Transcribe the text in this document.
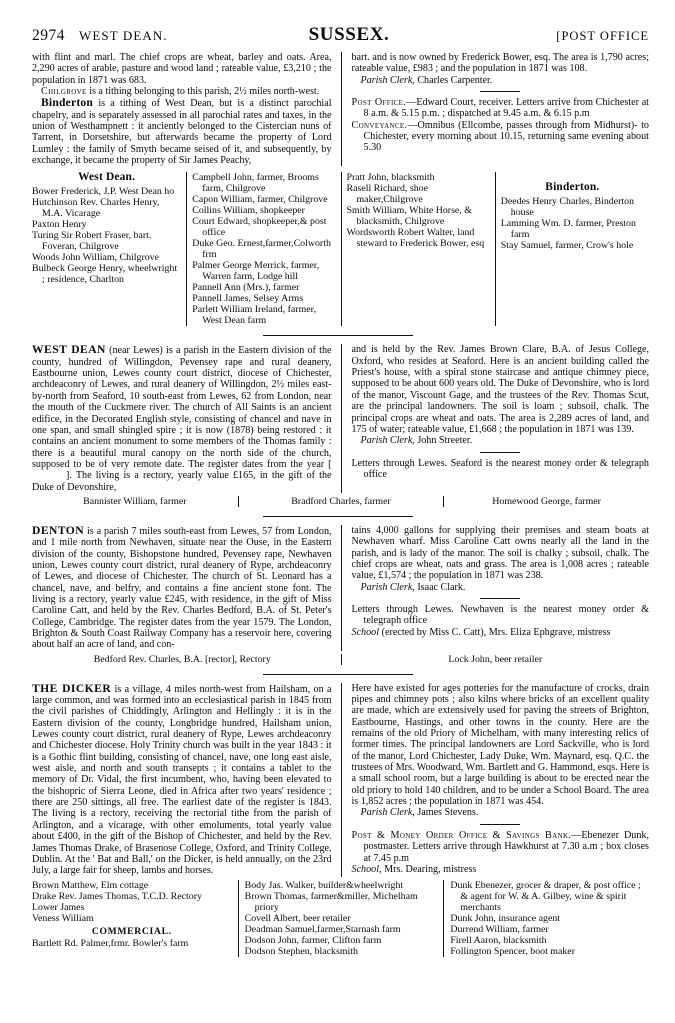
2974 WEST DEAN.	SUSSEX.	[POST OFFICE

with flint and marl. The chief crops are wheat, barley and oats. Area, 2,290 acres of arable, pasture and wood land ; rateable value, £3,210 ; the population in 1871 was 683.

Chilgrove is a tithing belonging to this parish, 2½ miles north-west.

Binderton is a tithing of West Dean, but is a distinct parochial chapelry, and is separately assessed in all parochial rates and taxes, in the union of Westhampnett : it anciently belonged to the Cistercian nuns of Tarrent, in Dorsetshire, but afterwards became the property of Lord Lumley : the family of Smyth became seised of it, and subsequently, by exchange, it became the property of Sir James Peachy,

bart. and is now owned by Frederick Bower, esq. The area is 1,790 acres; rateable value, £983 ; and the population in 1871 was 108.

Parish Clerk, Charles Carpenter.

Post Office.—Edward Court, receiver. Letters arrive from Chichester at 8 a.m. & 5.15 p.m. ; dispatched at 9.45 a.m. & 6.15 p.m

Conveyance.—Omnibus (Ellcombe, passes through from Midhurst)- to Chichester, every morning about 10.15, returning same evening about 5.30

West Dean.

Bower Frederick, J.P. West Dean ho

Hutchinson Rev. Charles Henry, M.A. Vicarage

Paxton Henry

Turing Sir Robert Fraser, bart. Foveran, Chilgrove

Woods John William, Chilgrove

Bulbeck George Henry, wheelwright ; residence, Charlton

Campbell John, farmer, Brooms farm, Chilgrove

Capon William, farmer, Chilgrove

Collins William, shopkeeper

Court Edward, shopkeeper,& post office

Duke Geo. Ernest,farmer,Colworth frm

Palmer George Merrick, farmer, Warren farm, Lodge hill

Pannell Ann (Mrs.), farmer

Pannell James, Selsey Arms

Parlett William Ireland, farmer, West Dean farm

Pratt John, blacksmith

Rasell Richard, shoe maker,Chilgrove

Smith William, White Horse, & blacksmith, Chilgrove

Wordsworth Robert Walter, land steward to Frederick Bower, esq

Binderton.

Deedes Henry Charles, Binderton house

Lamming Wm. D. farmer, Preston farm

Stay Samuel, farmer, Crow's hole

WEST DEAN (near Lewes) is a parish in the Eastern division of the county, hundred of Willingdon, Pevensey rape and rural deanery, Eastbourne union, Lewes county court district, diocese of Chichester, archdeaconry of Lewes, and rural deanery of Willingdon, 2½ miles east-by-north from Seaford, 10 south-east from Lewes, 62 from London, near the mouth of the Cuckmere river. The church of All Saints is an ancient edifice, in the Decorated English style, consisting of chancel and nave in one span, and small shingled spire ; it is now (1878) being restored : it contains an ancient monument to some members of the Thomas family : there is a beautiful mural canopy on the north side of the church, supposed to be of very remote date. The register dates from the year []. The living is a rectory, yearly value £165, in the gift of the Duke of Devonshire,

and is held by the Rev. James Brown Clare, B.A. of Jesus College, Oxford, who resides at Seaford. Here is an ancient building called the Priest's house, with a spiral stone staircase and antique chimney piece, supposed to be about 600 years old. The Duke of Devonshire, who is lord of the manor, Viscount Gage, and the trustees of the Rev. Thomas Scut, are the principal landowners. The soil is loam ; subsoil, chalk. The principal crops are wheat and oats. The area is 2,289 acres of land, and 175 of water; rateable value, £1,668 ; the population in 1871 was 139.

Parish Clerk, John Streeter.

Letters through Lewes. Seaford is the nearest money order & telegraph office

Bannister William, farmer	Bradford Charles, farmer	Homewood George, farmer

DENTON is a parish 7 miles south-east from Lewes, 57 from London, and 1 mile north from Newhaven, situate near the Ouse, in the Eastern division of the county, Bishopstone hundred, Pevensey rape, Newhaven union, Lewes county court district, rural deanery of Rype, archdeaconry of Lewes, and diocese of Chichester. The church of St. Leonard has a chancel, nave, and belfry, and contains a fine ancient stone font. The living is a rectory, yearly value £245, with residence, in the gift of Miss Caroline Catt, and held by the Rev. Charles Bedford, B.A. of St. Peter's College, Cambridge. The register dates from the year 1579. The London, Brighton & South Coast Railway Company has a reservoir here, covering about half an acre of land, and con-

tains 4,000 gallons for supplying their premises and steam boats at Newhaven wharf. Miss Caroline Catt owns nearly all the land in the parish, and is lady of the manor. The soil is chalky ; subsoil, chalk. The chief crops are wheat, oats and grass. The area is 1,008 acres ; rateable value, £1,574 ; the population in 1871 was 238.

Parish Clerk, Isaac Clark.

Letters through Lewes. Newhaven is the nearest money order & telegraph office

School (erected by Miss C. Catt), Mrs. Eliza Ephgrave, mistress

Bedford Rev. Charles, B.A. [rector], Rectory	Lock John, beer retailer

THE DICKER is a village, 4 miles north-west from Hailsham, on a large common, and was formed into an ecclesiastical parish in 1845 from the civil parishes of Chiddingly, Arlington and Hellingly : it is in the Eastern division of the county, Longbridge hundred, Hailsham union, Lewes county court district, rural deanery of Rype, Lewes archdeaconry and Chichester diocese. Holy Trinity church was built in the year 1843 : it is a Gothic flint building, consisting of chancel, nave, one long east aisle, west aisle, and north and south transepts ; it contains a tablet to the memory of Dr. Vidal, the first incumbent, who, having been elevated to the bishopric of Sierra Leone, died in Africa after two years' residence ; there are 250 sittings, all free. The earliest date of the register is 1843. The living is a rectory, receiving the rectorial tithe from the parish of Arlington, and a vicarage, with other emoluments, total yearly value about £400, in the gift of the Bishop of Chichester, and held by the Rev. James Thomas Drake, of Brasenose College, Oxford, and Trinity College, Dublin. At the ' Bat and Ball,' on the Dicker, is held annually, on the 23rd July, a large fair for sheep, lambs and horses.

Here have existed for ages potteries for the manufacture of crocks, drain pipes and chimney pots ; also kilns where bricks of an excellent quality are made, which are extensively used for paving the streets of Brighton, Eastbourne, Hastings, and other towns in the county. Here are the remains of the old Priory of Michelham, with many interesting relics of former times. The principal landowners are Lord Sackville, who is lord of the manor, Lord Chichester, Lady Duke, Wm. Maynard, esq. Q.C. the trustees of Mrs. Woodward, Wm. Bartlett and G. Hammond, esqs. Here is a small school room, but a large building is about to be erected near the old priory to hold 140 children, and to be under a School Board. The area is 1,852 acres ; the population in 1871 was 454.

Parish Clerk, James Stevens.

Post & Money Order Office & Savings Bank.—Ebenezer Dunk, postmaster. Letters arrive through Hawkhurst at 7.30 a.m ; box closes at 7.45 p.m

School, Mrs. Dearing, mistress

Brown Matthew, Elm cottage

Drake Rev. James Thomas, T.C.D. Rectory

Lower James

Veness William

COMMERCIAL.

Bartlett Rd. Palmer,frmr. Bowler's farm

Body Jas. Walker, builder&wheelwright

Brown Thomas, farmer&miller, Michelham priory

Covell Albert, beer retailer

Deadman Samuel,farmer,Starnash farm

Dodson John, farmer, Clifton farm

Dodson Stephen, blacksmith

Dunk Ebenezer, grocer & draper, & post office ; & agent for W. & A. Gilbey, wine & spirit merchants

Dunk John, insurance agent

Durrend William, farmer

Firell Aaron, blacksmith

Follington Spencer, boot maker
